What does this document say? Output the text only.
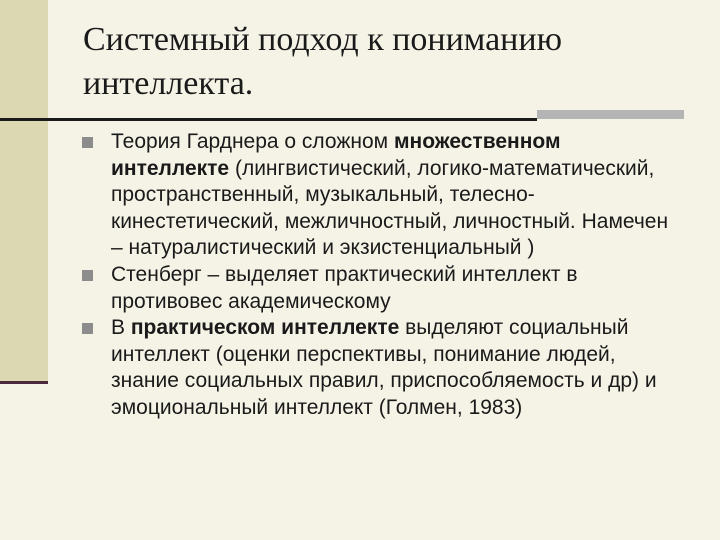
Системный подход к пониманию интеллекта.
Теория Гарднера о сложном множественном интеллекте (лингвистический, логико-математический, пространственный, музыкальный, телесно-кинестетический, межличностный, личностный. Намечен – натуралистический и экзистенциальный )
Стенберг – выделяет практический интеллект в противовес академическому
В практическом интеллекте выделяют социальный интеллект (оценки перспективы, понимание людей, знание социальных правил, приспособляемость и др) и эмоциональный интеллект (Голмен, 1983)
